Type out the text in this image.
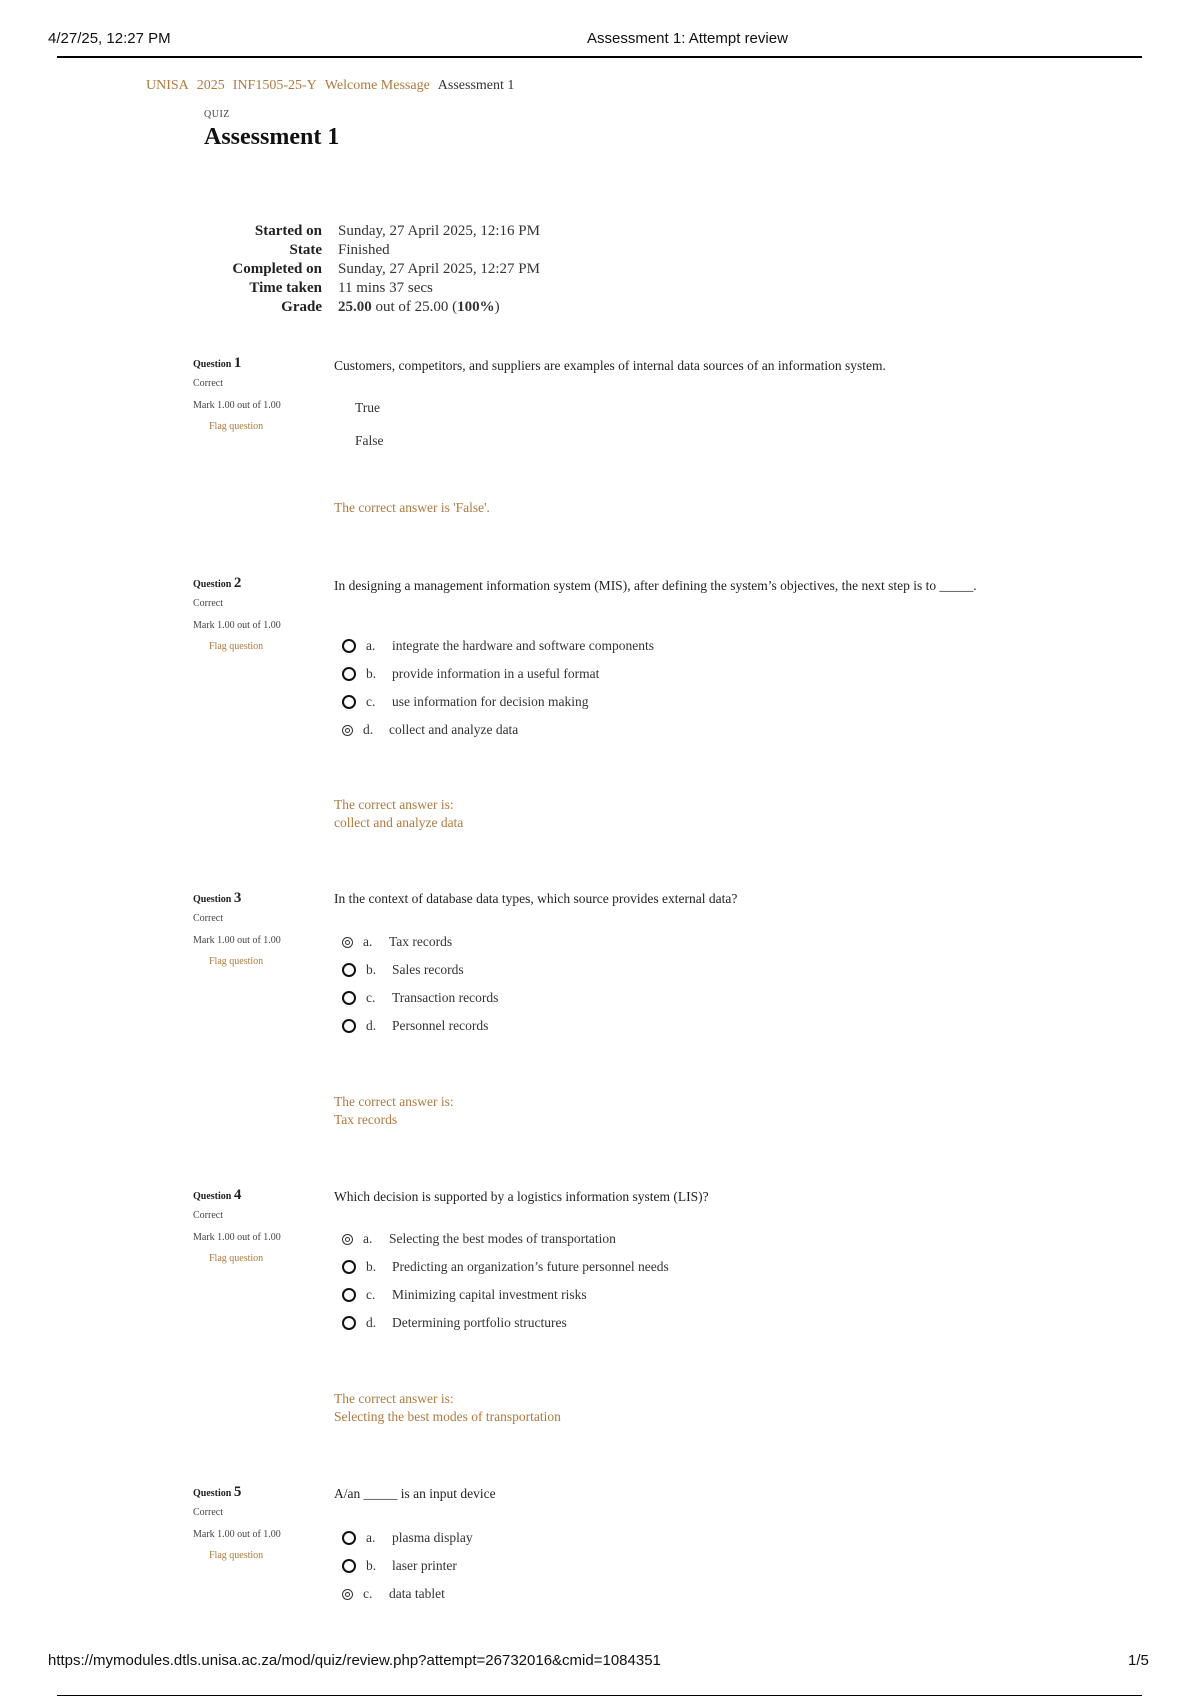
4/27/25, 12:27 PM	Assessment 1: Attempt review
UNISA 2025 INF1505-25-Y Welcome Message Assessment 1
QUIZ
Assessment 1
Started on	Sunday, 27 April 2025, 12:16 PM
State	Finished
Completed on	Sunday, 27 April 2025, 12:27 PM
Time taken	11 mins 37 secs
Grade	25.00 out of 25.00 (100%)
Question 1
Correct
Mark 1.00 out of 1.00
Flag question
Customers, competitors, and suppliers are examples of internal data sources of an information system.
True
False
The correct answer is 'False'.
Question 2
Correct
Mark 1.00 out of 1.00
Flag question
In designing a management information system (MIS), after defining the system’s objectives, the next step is to _____.
a.	integrate the hardware and software components
b.	provide information in a useful format
c.	use information for decision making
d.	collect and analyze data
The correct answer is:
collect and analyze data
Question 3
Correct
Mark 1.00 out of 1.00
Flag question
In the context of database data types, which source provides external data?
a.	Tax records
b.	Sales records
c.	Transaction records
d.	Personnel records
The correct answer is:
Tax records
Question 4
Correct
Mark 1.00 out of 1.00
Flag question
Which decision is supported by a logistics information system (LIS)?
a.	Selecting the best modes of transportation
b.	Predicting an organization’s future personnel needs
c.	Minimizing capital investment risks
d.	Determining portfolio structures
The correct answer is:
Selecting the best modes of transportation
Question 5
Correct
Mark 1.00 out of 1.00
Flag question
A/an _____ is an input device
a.	plasma display
b.	laser printer
c.	data tablet
https://mymodules.dtls.unisa.ac.za/mod/quiz/review.php?attempt=26732016&cmid=1084351	1/5
